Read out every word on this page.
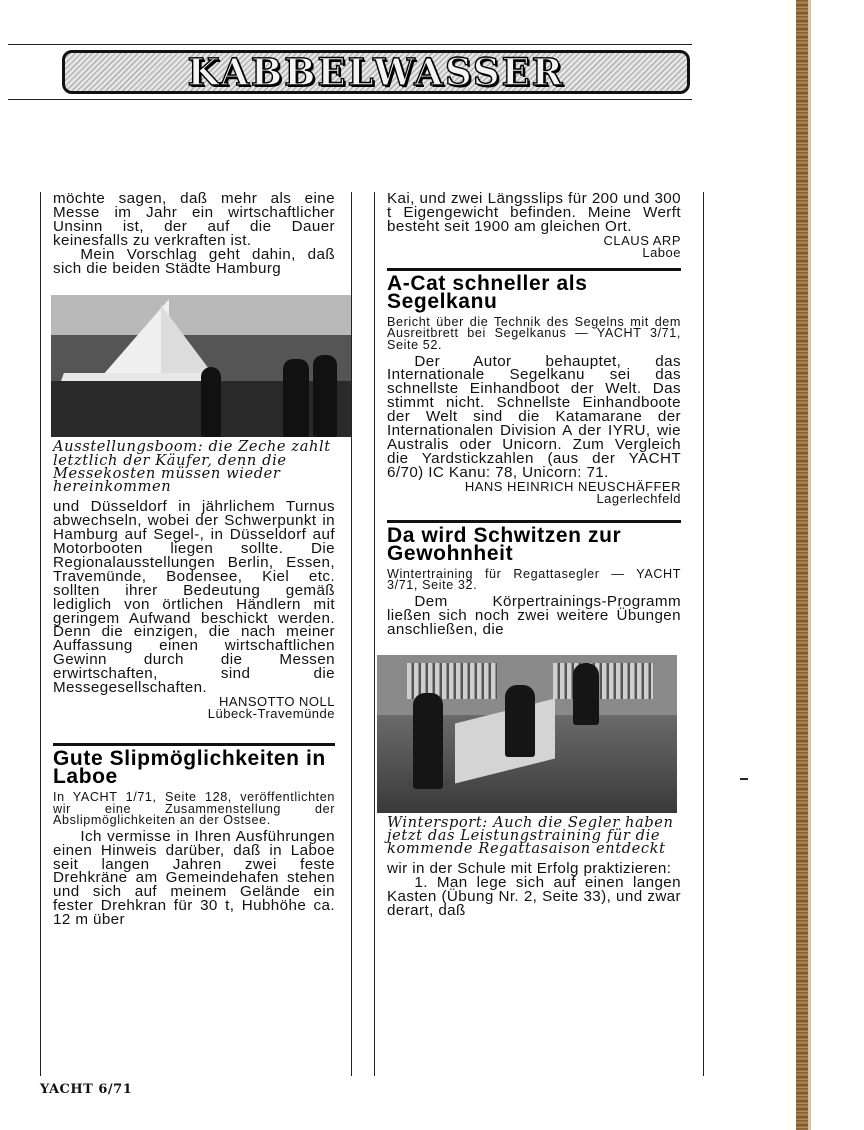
KABBELWASSER

möchte sagen, daß mehr als eine Messe im Jahr ein wirtschaftlicher Unsinn ist, der auf die Dauer keinesfalls zu verkraften ist.

Mein Vorschlag geht dahin, daß sich die beiden Städte Hamburg

Ausstellungsboom: die Zeche zahlt letztlich der Käufer, denn die Messekosten müssen wieder hereinkommen

und Düsseldorf in jährlichem Turnus abwechseln, wobei der Schwerpunkt in Hamburg auf Segel-, in Düsseldorf auf Motorbooten liegen sollte. Die Regionalausstellungen Berlin, Essen, Travemünde, Bodensee, Kiel etc. sollten ihrer Bedeutung gemäß lediglich von örtlichen Händlern mit geringem Aufwand beschickt werden. Denn die einzigen, die nach meiner Auffassung einen wirtschaftlichen Gewinn durch die Messen erwirtschaften, sind die Messegesellschaften.

HANSOTTO NOLL
Lübeck-Travemünde
Gute Slipmöglichkeiten in Laboe
In YACHT 1/71, Seite 128, veröffentlichten wir eine Zusammenstellung der Abslipmöglichkeiten an der Ostsee.

Ich vermisse in Ihren Ausführungen einen Hinweis darüber, daß in Laboe seit langen Jahren zwei feste Drehkräne am Gemeindehafen stehen und sich auf meinem Gelände ein fester Drehkran für 30 t, Hubhöhe ca. 12 m über

Kai, und zwei Längsslips für 200 und 300 t Eigengewicht befinden. Meine Werft besteht seit 1900 am gleichen Ort.

CLAUS ARP
Laboe
A-Cat schneller als Segelkanu
Bericht über die Technik des Segelns mit dem Ausreitbrett bei Segelkanus — YACHT 3/71, Seite 52.

Der Autor behauptet, das Internationale Segelkanu sei das schnellste Einhandboot der Welt. Das stimmt nicht. Schnellste Einhandboote der Welt sind die Katamarane der Internationalen Division A der IYRU, wie Australis oder Unicorn. Zum Vergleich die Yardstickzahlen (aus der YACHT 6/70) IC Kanu: 78, Unicorn: 71.

HANS HEINRICH NEUSCHÄFFER
Lagerlechfeld
Da wird Schwitzen zur Gewohnheit
Wintertraining für Regattasegler — YACHT 3/71, Seite 32.

Dem Körpertrainings-Programm ließen sich noch zwei weitere Übungen anschließen, die

Wintersport: Auch die Segler haben jetzt das Leistungstraining für die kommende Regattasaison entdeckt

wir in der Schule mit Erfolg praktizieren:

1. Man lege sich auf einen langen Kasten (Übung Nr. 2, Seite 33), und zwar derart, daß

YACHT 6/71
